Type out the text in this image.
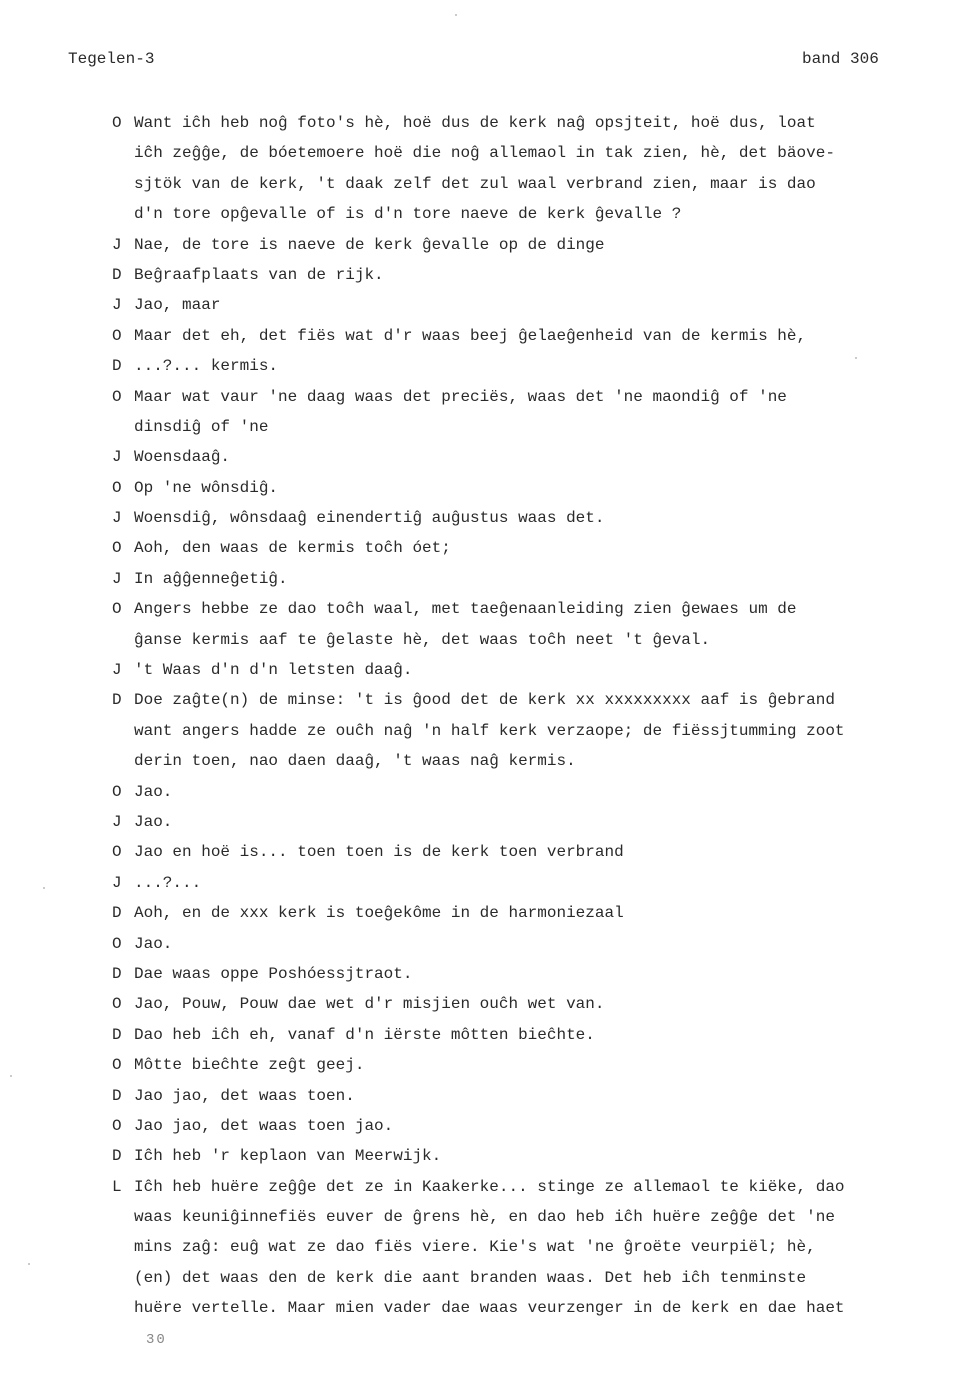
Tegelen-3	band 306
O Want iĉh heb noĝ foto's hè, hoë dus de kerk naĝ opsjteit, hoë dus, loat
iĉh zeĝĝe, de bóetemoere hoë die noĝ allemaol in tak zien, hè, det bäove-
sjtök van de kerk, 't daak zelf det zul waal verbrand zien, maar is dao
d'n tore opĝevalle of is d'n tore naeve de kerk ĝevalle ?
J Nae, de tore is naeve de kerk ĝevalle op de dinge
D Beĝraafplaats van de rijk.
J Jao, maar
O Maar det eh, det fiës wat d'r waas beej ĝelaeĝenheid van de kermis hè,
D ...?... kermis.
O Maar wat vaur 'ne daag waas det preciës, waas det 'ne maondiĝ of 'ne
dinsdiĝ of 'ne
J Woensdaaĝ.
O Op 'ne wônsdiĝ.
J Woensdiĝ, wônsdaaĝ einendertiĝ auĝustus waas det.
O Aoh, den waas de kermis toĉh óet;
J In aĝĝenneĝetiĝ.
O Angers hebbe ze dao toĉh waal, met taeĝenaanleiding zien ĝewaes um de
ĝanse kermis aaf te ĝelaste hè, det waas toĉh neet 't ĝeval.
J 't Waas d'n d'n letsten daaĝ.
D Doe zaĝte(n) de minse: 't is ĝood det de kerk xx xxxxxxxxx aaf is ĝebrand
want angers hadde ze ouĉh naĝ 'n half kerk verzaope; de fiëssjtumming zoot
derin toen, nao daen daaĝ, 't waas naĝ kermis.
O Jao.
J Jao.
O Jao en hoë is... toen toen is de kerk toen verbrand
J ...?...
D Aoh, en de xxx kerk is toeĝekôme in de harmoniezaal
O Jao.
D Dae waas oppe Poshóessjtraot.
O Jao, Pouw, Pouw dae wet d'r misjien ouĉh wet van.
D Dao heb iĉh eh, vanaf d'n iërste môtten bieĉhte.
O Môtte bieĉhte zeĝt geej.
D Jao jao, det waas toen.
O Jao jao, det waas toen jao.
D Iĉh heb 'r keplaon van Meerwijk.
L Iĉh heb huëre zeĝĝe det ze in Kaakerke... stinge ze allemaol te kiëke, dao
waas keuniĝinnefiës euver de ĝrens hè, en dao heb iĉh huëre zeĝĝe det 'ne
mins zaĝ: euĝ wat ze dao fiës viere. Kie's wat 'ne ĝroëte veurpiël; hè,
(en) det waas den de kerk die aant branden waas. Det heb iĉh tenminste
huëre vertelle. Maar mien vader dae waas veurzenger in de kerk en dae haet
30
